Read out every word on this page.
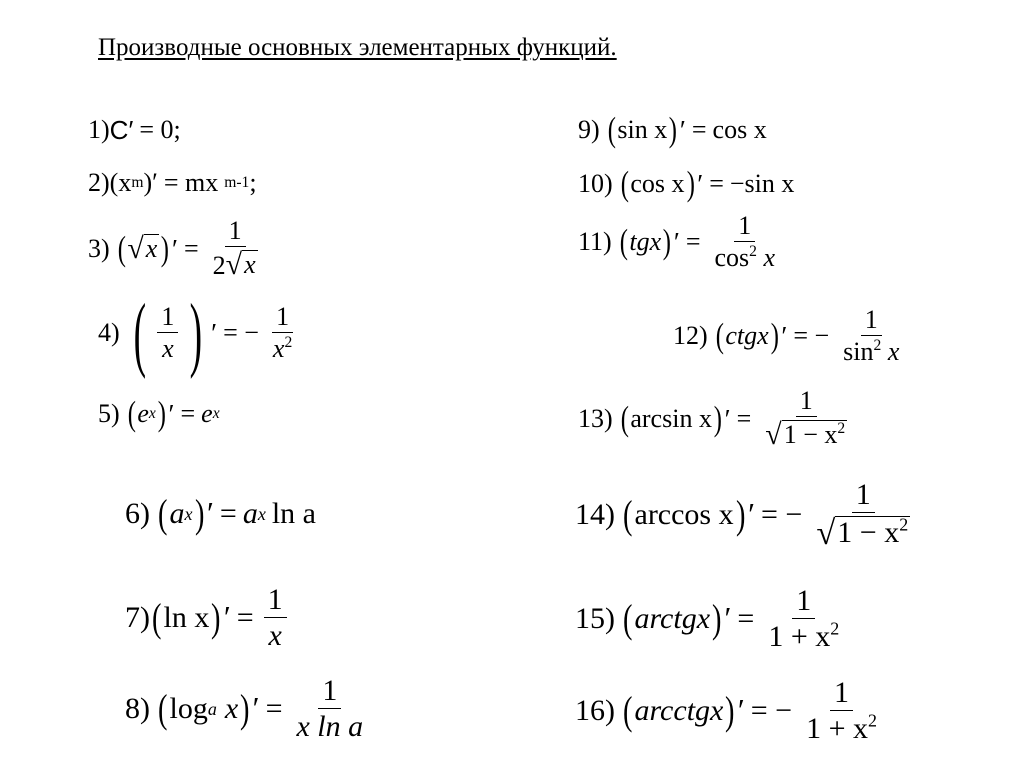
Производные основных элементарных функций.
1) C′ = 0;
2) (x m )′ = mx m-1 ;
3) ( √ x ) ′ = $\frac{1}{2 √ x}$
4) ( $\frac{1}{x}$ ) ′ = − $\frac{1}{x^2}$
5) ( e x ) ′ = e x
6) ( a x ) ′ = a x ln a
7) ( ln x ) ′ = $\frac{1}{x}$
8) ( log a x ) ′ = $\frac{1}{\text{x ln a}}$
9) ( sin x ) ′ = cos x
10) ( cos x ) ′ = −sin x
11) ( tgx ) ′ = $\frac{1}{\cos^2 x}$
12) ( ctgx ) ′ = − $\frac{1}{\sin^2 x}$
13) ( arcsin x ) ′ = $\frac{1}{√ 1 - x^2}$
14) ( arccos x ) ′ = − $\frac{1}{√ 1 - x^2}$
15) ( arctgx ) ′ = $\frac{1}{1 + x^2}$
16) ( arcctgx ) ′ = − $\frac{1}{1 + x^2}$
